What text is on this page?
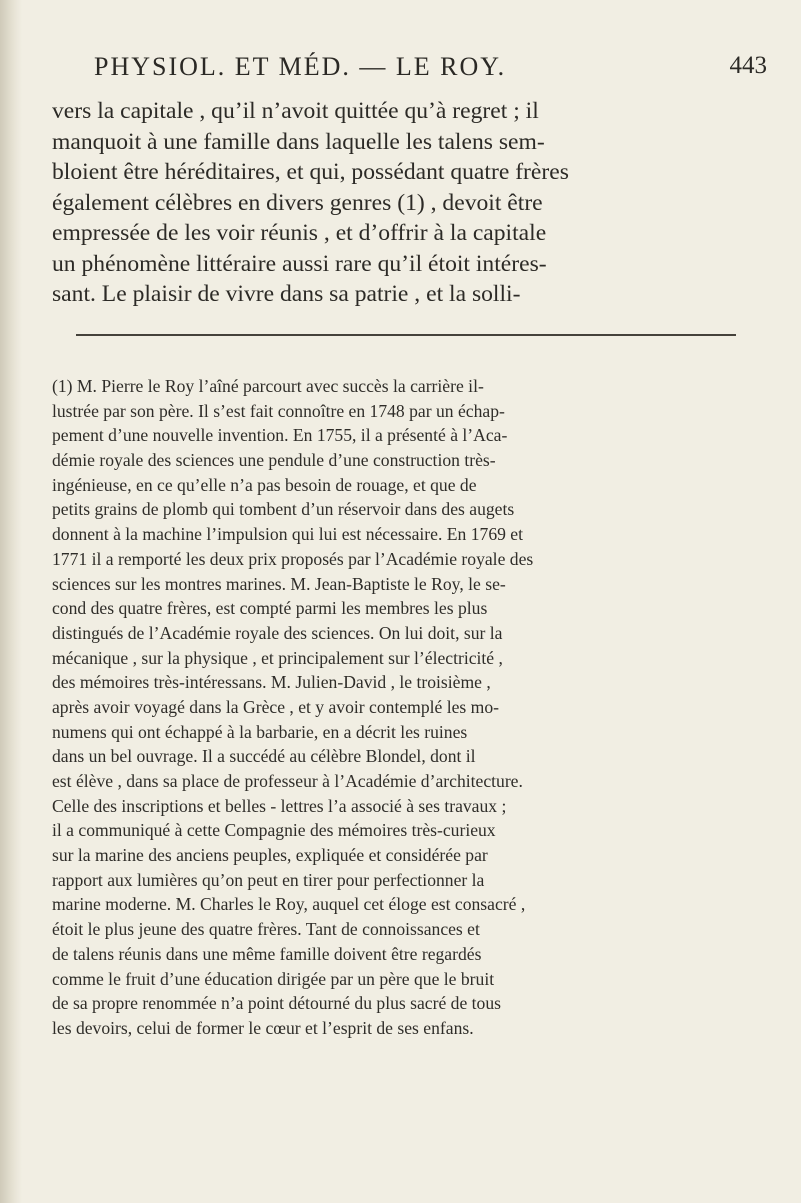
PHYSIOL. ET MÉD. — LE ROY.	443
vers la capitale , qu’il n’avoit quittée qu’à regret ; il
manquoit à une famille dans laquelle les talens sem-
bloient être héréditaires, et qui, possédant quatre frères
également célèbres en divers genres (1) , devoit être
empressée de les voir réunis , et d’offrir à la capitale
un phénomène littéraire aussi rare qu’il étoit intéres-
sant. Le plaisir de vivre dans sa patrie , et la solli-
(1) M. Pierre le Roy l’aîné parcourt avec succès la carrière il-
lustrée par son père. Il s’est fait connoître en 1748 par un échap-
pement d’une nouvelle invention. En 1755, il a présenté à l’Aca-
démie royale des sciences une pendule d’une construction très-
ingénieuse, en ce qu’elle n’a pas besoin de rouage, et que de
petits grains de plomb qui tombent d’un réservoir dans des augets
donnent à la machine l’impulsion qui lui est nécessaire. En 1769 et
1771 il a remporté les deux prix proposés par l’Académie royale des
sciences sur les montres marines. M. Jean-Baptiste le Roy, le se-
cond des quatre frères, est compté parmi les membres les plus
distingués de l’Académie royale des sciences. On lui doit, sur la
mécanique , sur la physique , et principalement sur l’électricité ,
des mémoires très-intéressans. M. Julien-David , le troisième ,
après avoir voyagé dans la Grèce , et y avoir contemplé les mo-
numens qui ont échappé à la barbarie, en a décrit les ruines
dans un bel ouvrage. Il a succédé au célèbre Blondel, dont il
est élève , dans sa place de professeur à l’Académie d’architecture.
Celle des inscriptions et belles - lettres l’a associé à ses travaux ;
il a communiqué à cette Compagnie des mémoires très-curieux
sur la marine des anciens peuples, expliquée et considérée par
rapport aux lumières qu’on peut en tirer pour perfectionner la
marine moderne. M. Charles le Roy, auquel cet éloge est consacré ,
étoit le plus jeune des quatre frères. Tant de connoissances et
de talens réunis dans une même famille doivent être regardés
comme le fruit d’une éducation dirigée par un père que le bruit
de sa propre renommée n’a point détourné du plus sacré de tous
les devoirs, celui de former le cœur et l’esprit de ses enfans.
